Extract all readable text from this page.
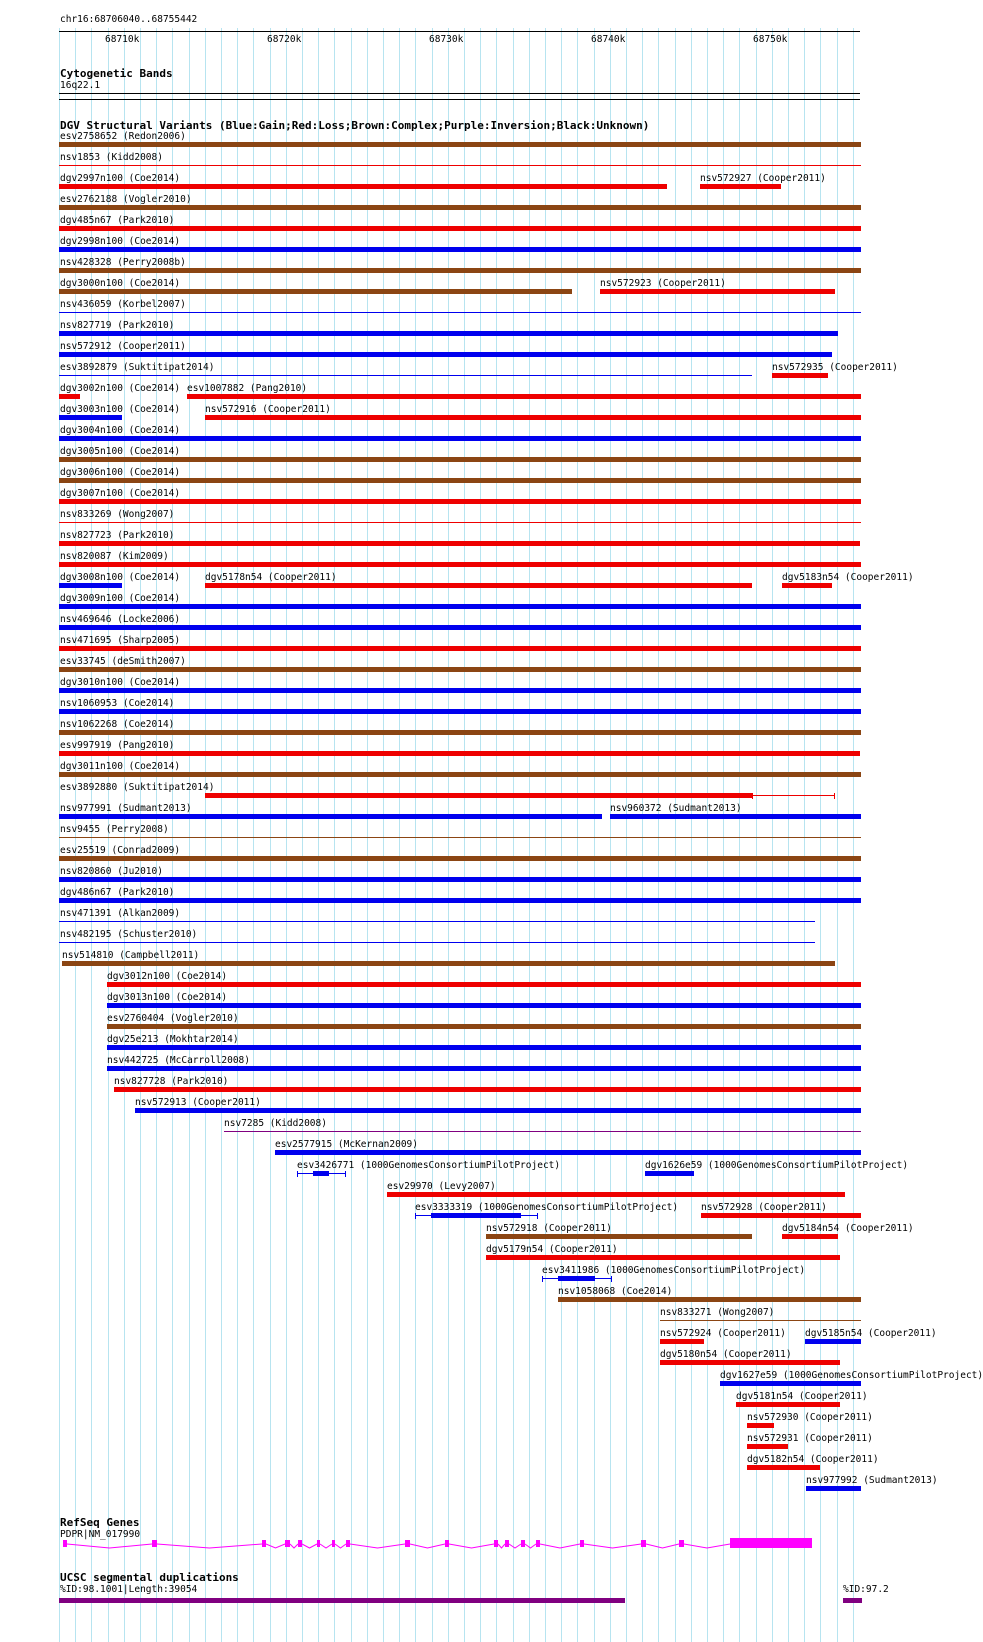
chr16:68706040..68755442
68710k	68720k	68730k	68740k	68750k
Cytogenetic Bands
16q22.1
DGV Structural Variants (Blue:Gain;Red:Loss;Brown:Complex;Purple:Inversion;Black:Unknown)
esv2758652 (Redon2006)
nsv1853 (Kidd2008)
dgv2997n100 (Coe2014)	nsv572927 (Cooper2011)
esv2762188 (Vogler2010)
dgv485n67 (Park2010)
dgv2998n100 (Coe2014)
nsv428328 (Perry2008b)
dgv3000n100 (Coe2014)	nsv572923 (Cooper2011)
nsv436059 (Korbel2007)
nsv827719 (Park2010)
nsv572912 (Cooper2011)
esv3892879 (Suktitipat2014)	nsv572935 (Cooper2011)
dgv3002n100 (Coe2014) esv1007882 (Pang2010)
dgv3003n100 (Coe2014)	nsv572916 (Cooper2011)
dgv3004n100 (Coe2014)
dgv3005n100 (Coe2014)
dgv3006n100 (Coe2014)
dgv3007n100 (Coe2014)
nsv833269 (Wong2007)
nsv827723 (Park2010)
nsv820087 (Kim2009)
dgv3008n100 (Coe2014)	dgv5178n54 (Cooper2011)	dgv5183n54 (Cooper2011)
dgv3009n100 (Coe2014)
nsv469646 (Locke2006)
nsv471695 (Sharp2005)
esv33745 (deSmith2007)
dgv3010n100 (Coe2014)
nsv1060953 (Coe2014)
nsv1062268 (Coe2014)
esv997919 (Pang2010)
dgv3011n100 (Coe2014)
esv3892880 (Suktitipat2014)
nsv977991 (Sudmant2013)	nsv960372 (Sudmant2013)
nsv9455 (Perry2008)
esv25519 (Conrad2009)
nsv820860 (Ju2010)
dgv486n67 (Park2010)
nsv471391 (Alkan2009)
nsv482195 (Schuster2010)
nsv514810 (Campbell2011)
dgv3012n100 (Coe2014)
dgv3013n100 (Coe2014)
esv2760404 (Vogler2010)
dgv25e213 (Mokhtar2014)
nsv442725 (McCarroll2008)
nsv827728 (Park2010)
nsv572913 (Cooper2011)
nsv7285 (Kidd2008)
esv2577915 (McKernan2009)
esv3426771 (1000GenomesConsortiumPilotProject)	dgv1626e59 (1000GenomesConsortiumPilotProject)
esv29970 (Levy2007)
esv3333319 (1000GenomesConsortiumPilotProject) nsv572928 (Cooper2011)
nsv572918 (Cooper2011)	dgv5184n54 (Cooper2011)
dgv5179n54 (Cooper2011)
esv3411986 (1000GenomesConsortiumPilotProject)
nsv1058068 (Coe2014)
nsv833271 (Wong2007)
nsv572924 (Cooper2011) dgv5185n54 (Cooper2011)
dgv5180n54 (Cooper2011)
dgv1627e59 (1000GenomesConsortiumPilotProject)
dgv5181n54 (Cooper2011)
nsv572930 (Cooper2011)
nsv572931 (Cooper2011)
dgv5182n54 (Cooper2011)
nsv977992 (Sudmant2013)
RefSeq Genes
PDPR|NM_017990
UCSC segmental duplications
%ID:98.1001|Length:39054	%ID:97.2
